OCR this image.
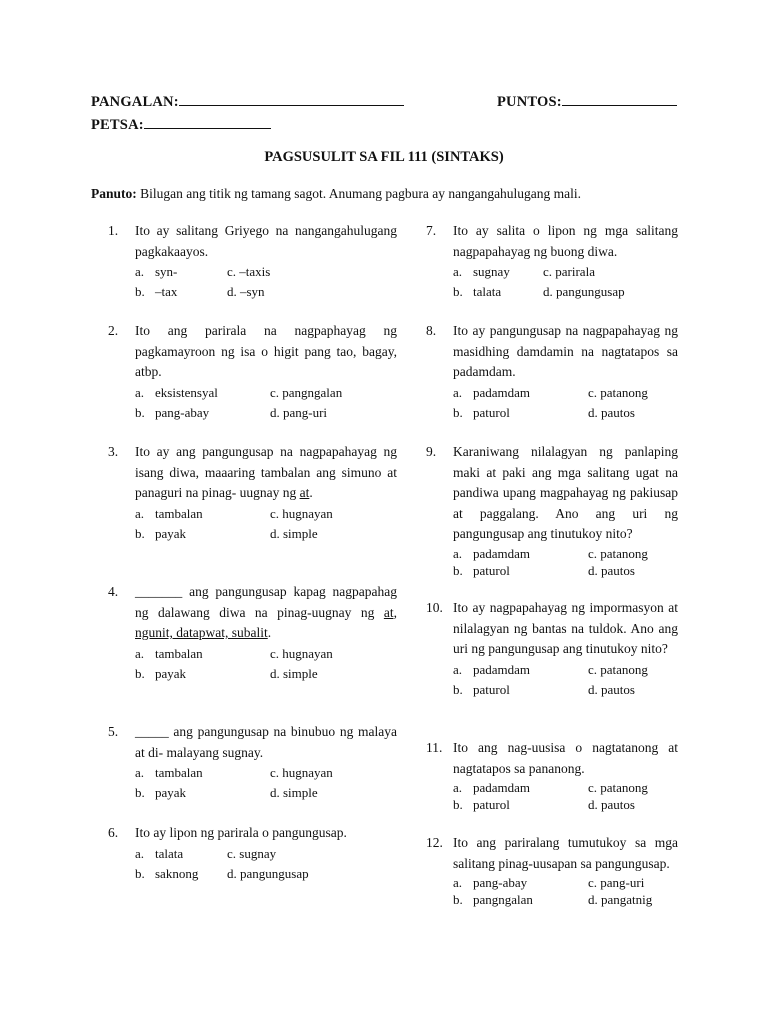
PANGALAN:	PUNTOS:
PETSA:
PAGSUSULIT SA FIL 111 (SINTAKS)
Panuto: Bilugan ang titik ng tamang sagot. Anumang pagbura ay nangangahulugang mali.
1. Ito ay salitang Griyego na nangangahulugang pagkakaayos.
a. syn-	c. –taxis
b. –tax	d. –syn
2. Ito ang parirala na nagpaphayag ng pagkamayroon ng isa o higit pang tao, bagay, atbp.
a. eksistensyal	c. pangngalan
b. pang-abay	d. pang-uri
3. Ito ay ang pangungusap na nagpapahayag ng isang diwa, maaaring tambalan ang simuno at panaguri na pinag- uugnay ng at.
a. tambalan	c. hugnayan
b. payak	d. simple
4. _______ ang pangungusap kapag nagpapahag ng dalawang diwa na pinag-uugnay ng at, ngunit, datapwat, subalit.
a. tambalan	c. hugnayan
b. payak	d. simple
5. _____ ang pangungusap na binubuo ng malaya at di- malayang sugnay.
a. tambalan	c. hugnayan
b. payak	d. simple
6. Ito ay lipon ng parirala o pangungusap.
a. talata	c. sugnay
b. saknong d. pangungusap
7. Ito ay salita o lipon ng mga salitang nagpapahayag ng buong diwa.
a. sugnay	c. parirala
b. talata	d. pangungusap
8. Ito ay pangungusap na nagpapahayag ng masidhing damdamin na nagtatapos sa padamdam.
a. padamdam	c. patanong
b. paturol	d. pautos
9. Karaniwang nilalagyan ng panlaping maki at paki ang mga salitang ugat na pandiwa upang magpahayag ng pakiusap at paggalang. Ano ang uri ng pangungusap ang tinutukoy nito?
a. padamdam	c. patanong
b. paturol	d. pautos
10. Ito ay nagpapahayag ng impormasyon at nilalagyan ng bantas na tuldok. Ano ang uri ng pangungusap ang tinutukoy nito?
a. padamdam	c. patanong
b. paturol	d. pautos
11. Ito ang nag-uusisa o nagtatanong at nagtatapos sa pananong.
a. padamdam	c. patanong
b. paturol	d. pautos
12. Ito ang pariralang tumutukoy sa mga salitang pinag-uusapan sa pangungusap.
a. pang-abay	c. pang-uri
b. pangngalan	d. pangatnig
